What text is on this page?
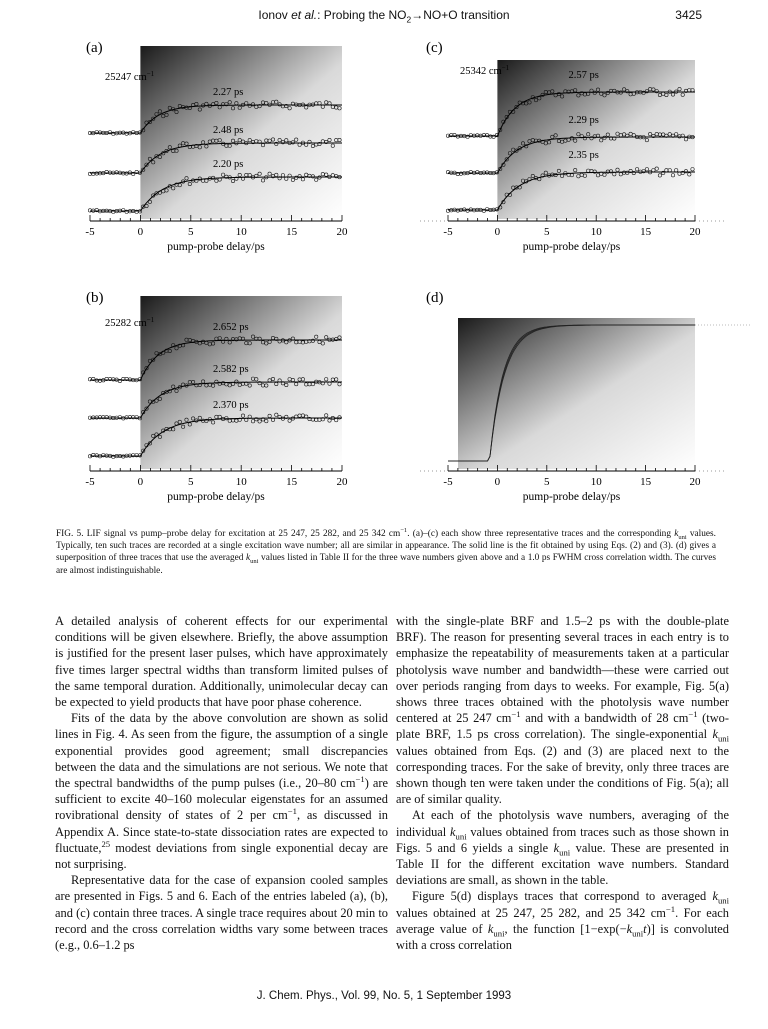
Ionov et al.: Probing the $NO_2\to NO+O$ transition	3425
(a)
25247 $cm^{-1}$
2.27 ps
2.48 ps
2.20 ps
-5	0	5	10	15	20
pump-probe delay/ps
(c)
25342 $cm^{-1}$
2.57 ps
2.29 ps
2.35 ps
-5	0	5	10	15	20
pump-probe delay/ps
(b)
25282 $cm^{-1}$
2.652 ps
2.582 ps
2.370 ps
-5	0	5	10	15	20
pump-probe delay/ps
(d)
-5	0	5	10	15	20
pump-probe delay/ps
FIG. 5. LIF signal vs pump–probe delay for excitation at 25 247, 25 282, and 25 342 $cm^{-1}$. (a)–(c) each show three representative traces and the corresponding $k_{uni}$ values. Typically, ten such traces are recorded at a single excitation wave number; all are similar in appearance. The solid line is the fit obtained by using Eqs. (2) and (3). (d) gives a superposition of three traces that use the averaged $k_{uni}$ values listed in Table II for the three wave numbers given above and a 1.0 ps FWHM cross correlation width. The curves are almost indistinguishable.

A detailed analysis of coherent effects for our experimental conditions will be given elsewhere. Briefly, the above assumption is justified for the present laser pulses, which have approximately five times larger spectral widths than transform limited pulses of the same temporal duration. Additionally, unimolecular decay can be expected to yield products that have poor phase coherence.

Fits of the data by the above convolution are shown as solid lines in Fig. 4. As seen from the figure, the assumption of a single exponential provides good agreement; small discrepancies between the data and the simulations are not serious. We note that the spectral bandwidths of the pump pulses (i.e., 20–80 $cm^{-1}$) are sufficient to excite 40–160 molecular eigenstates for an assumed rovibrational density of states of 2 per $cm^{-1}$, as discussed in Appendix A. Since state-to-state dissociation rates are expected to fluctuate,$^{25}$ modest deviations from single exponential decay are not surprising.

Representative data for the case of expansion cooled samples are presented in Figs. 5 and 6. Each of the entries labeled (a), (b), and (c) contain three traces. A single trace requires about 20 min to record and the cross correlation widths vary some between traces (e.g., 0.6–1.2 ps

with the single-plate BRF and 1.5–2 ps with the double-plate BRF). The reason for presenting several traces in each entry is to emphasize the repeatability of measurements taken at a particular photolysis wave number and bandwidth—these were carried out over periods ranging from days to weeks. For example, Fig. 5(a) shows three traces obtained with the photolysis wave number centered at 25 247 $cm^{-1}$ and with a bandwidth of 28 $cm^{-1}$ (two-plate BRF, 1.5 ps cross correlation). The single-exponential $k_{uni}$ values obtained from Eqs. (2) and (3) are placed next to the corresponding traces. For the sake of brevity, only three traces are shown though ten were taken under the conditions of Fig. 5(a); all are of similar quality.

At each of the photolysis wave numbers, averaging of the individual $k_{uni}$ values obtained from traces such as those shown in Figs. 5 and 6 yields a single $k_{uni}$ value. These are presented in Table II for the different excitation wave numbers. Standard deviations are small, as shown in the table.

Figure 5(d) displays traces that correspond to averaged $k_{uni}$ values obtained at 25 247, 25 282, and 25 342 $cm^{-1}$. For each average value of $k_{uni}$, the function $[1-\exp(-k_{uni}t)]$ is convoluted with a cross correlation

J. Chem. Phys., Vol. 99, No. 5, 1 September 1993
